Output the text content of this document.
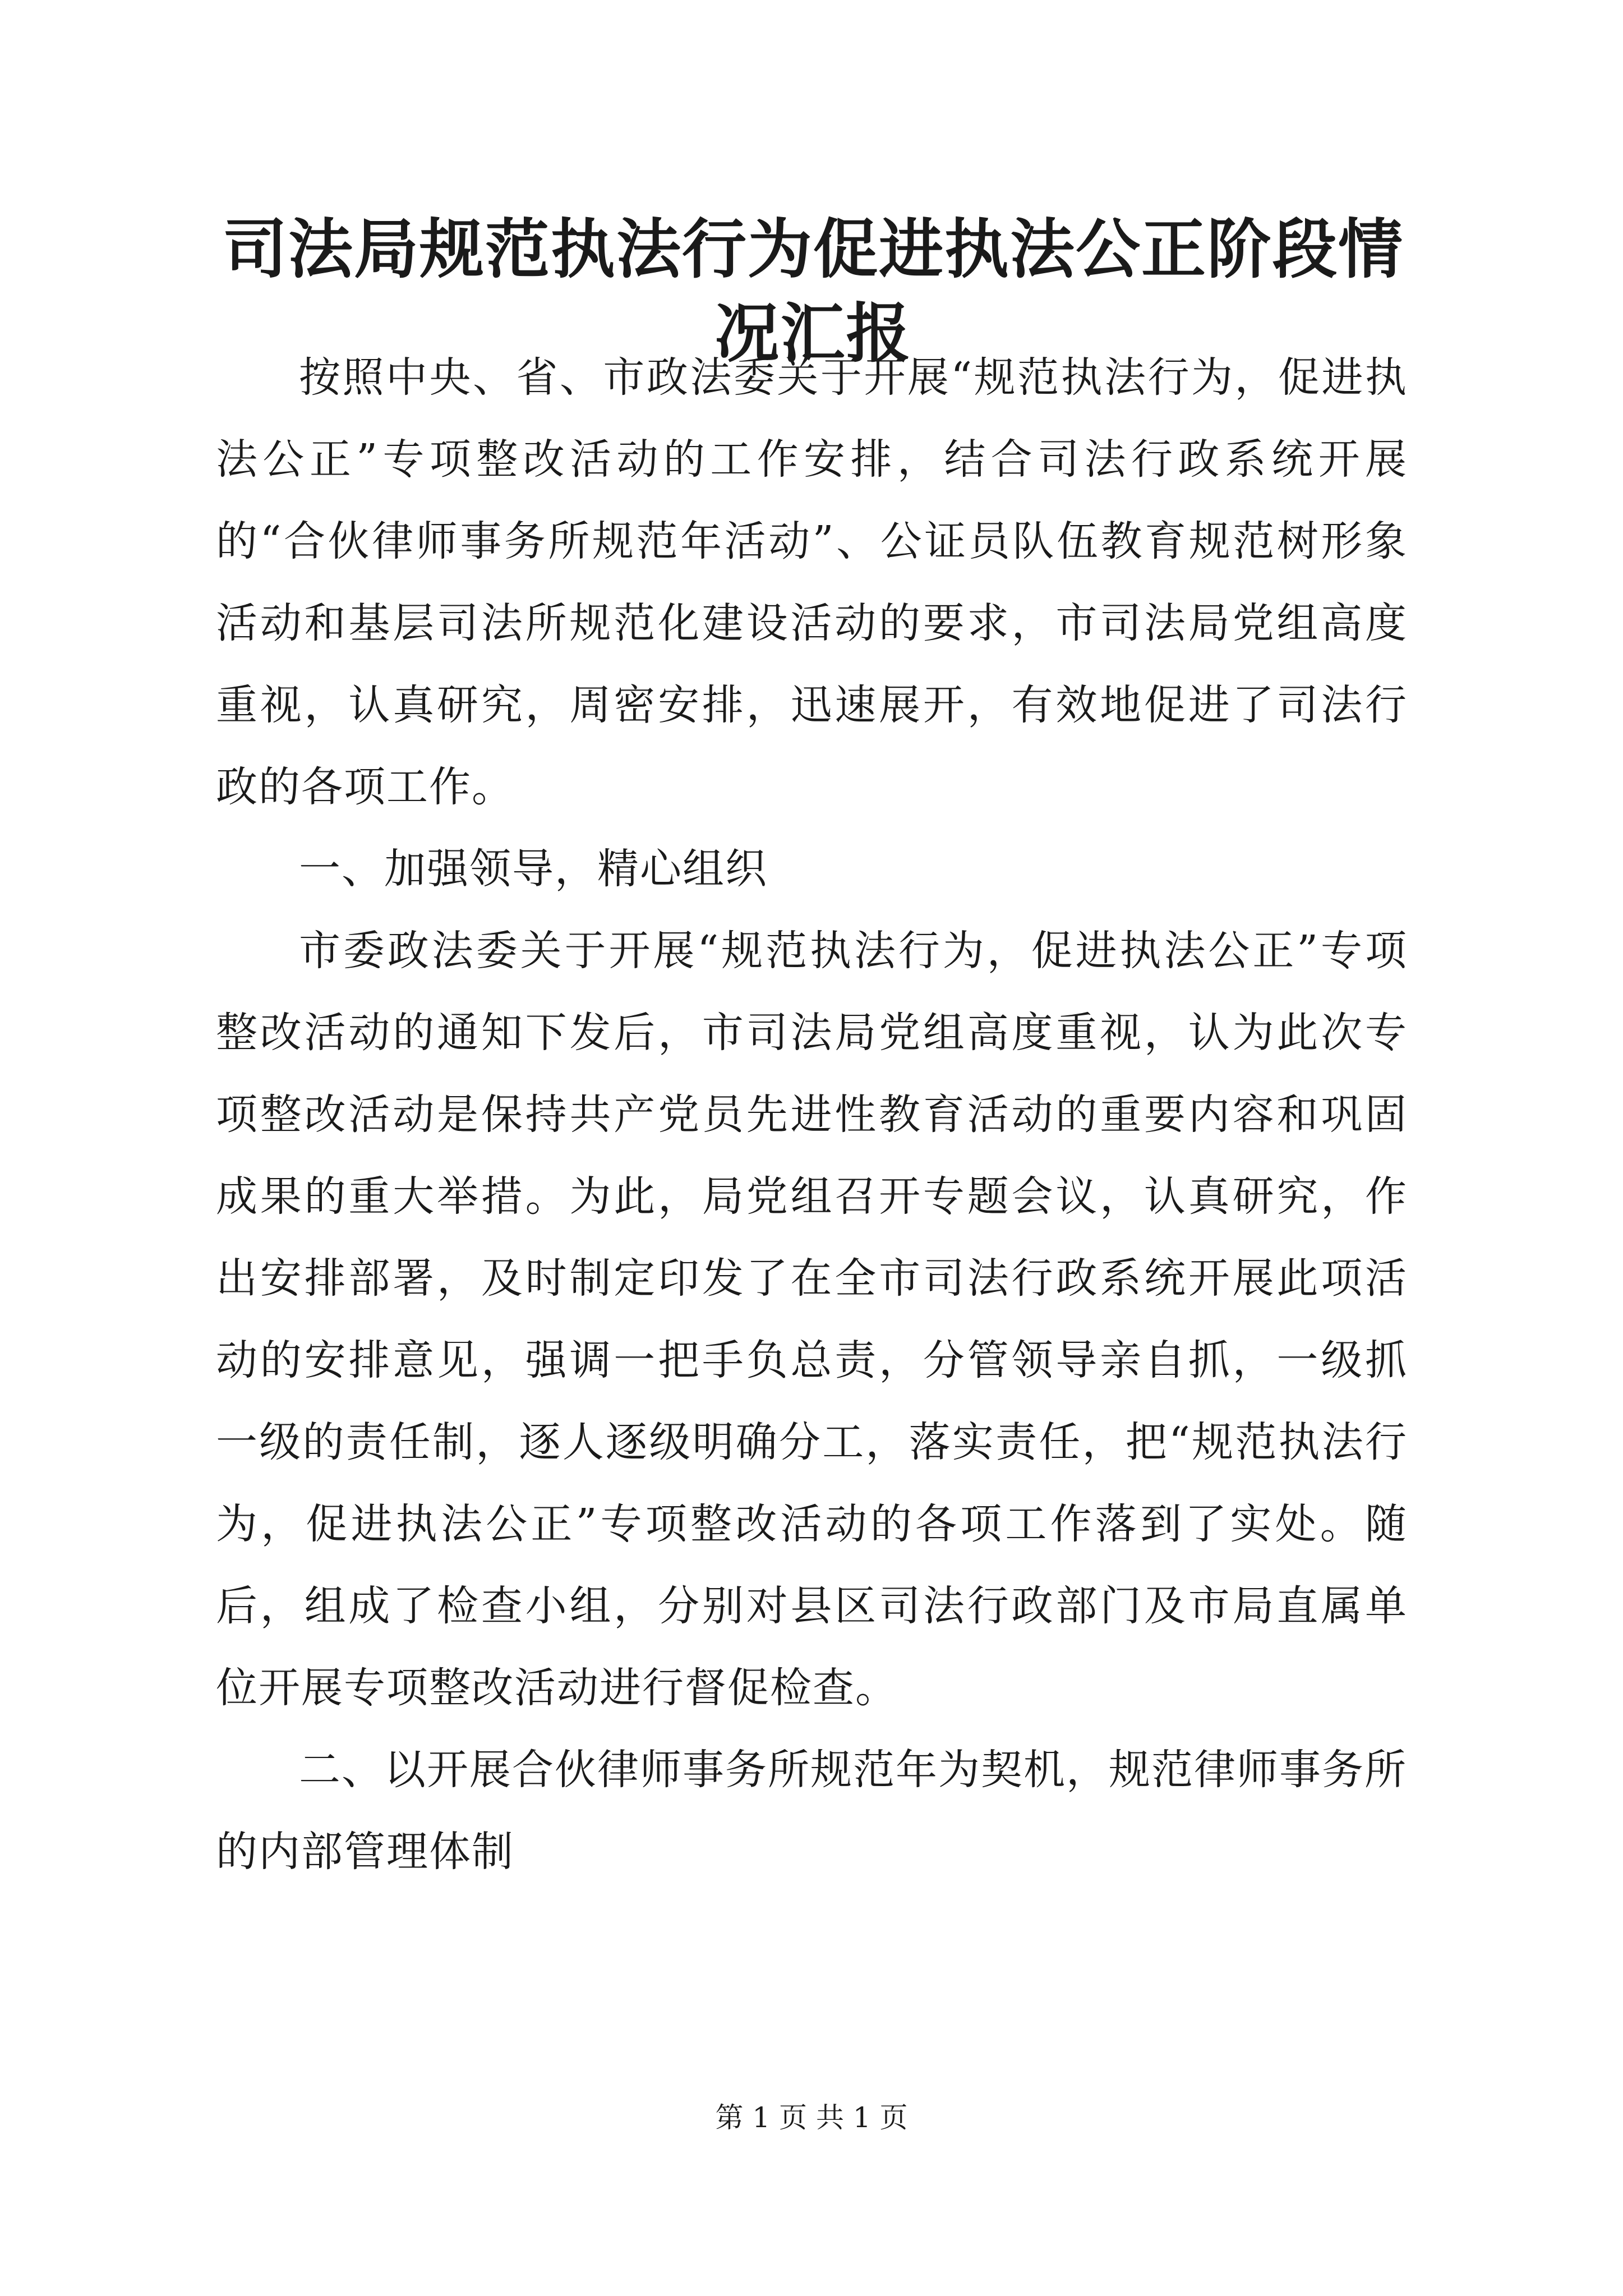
司法局规范执法行为促进执法公正阶段情况汇报

按照中央、省、市政法委关于开展“规范执法行为，促进执法公正”专项整改活动的工作安排，结合司法行政系统开展的“合伙律师事务所规范年活动”、公证员队伍教育规范树形象活动和基层司法所规范化建设活动的要求，市司法局党组高度重视，认真研究，周密安排，迅速展开，有效地促进了司法行政的各项工作。

一、加强领导，精心组织

市委政法委关于开展“规范执法行为，促进执法公正”专项整改活动的通知下发后，市司法局党组高度重视，认为此次专项整改活动是保持共产党员先进性教育活动的重要内容和巩固成果的重大举措。为此，局党组召开专题会议，认真研究，作出安排部署，及时制定印发了在全市司法行政系统开展此项活动的安排意见，强调一把手负总责，分管领导亲自抓，一级抓一级的责任制，逐人逐级明确分工，落实责任，把“规范执法行为，促进执法公正”专项整改活动的各项工作落到了实处。随后，组成了检查小组，分别对县区司法行政部门及市局直属单位开展专项整改活动进行督促检查。

二、以开展合伙律师事务所规范年为契机，规范律师事务所的内部管理体制

第 1 页 共 1 页
